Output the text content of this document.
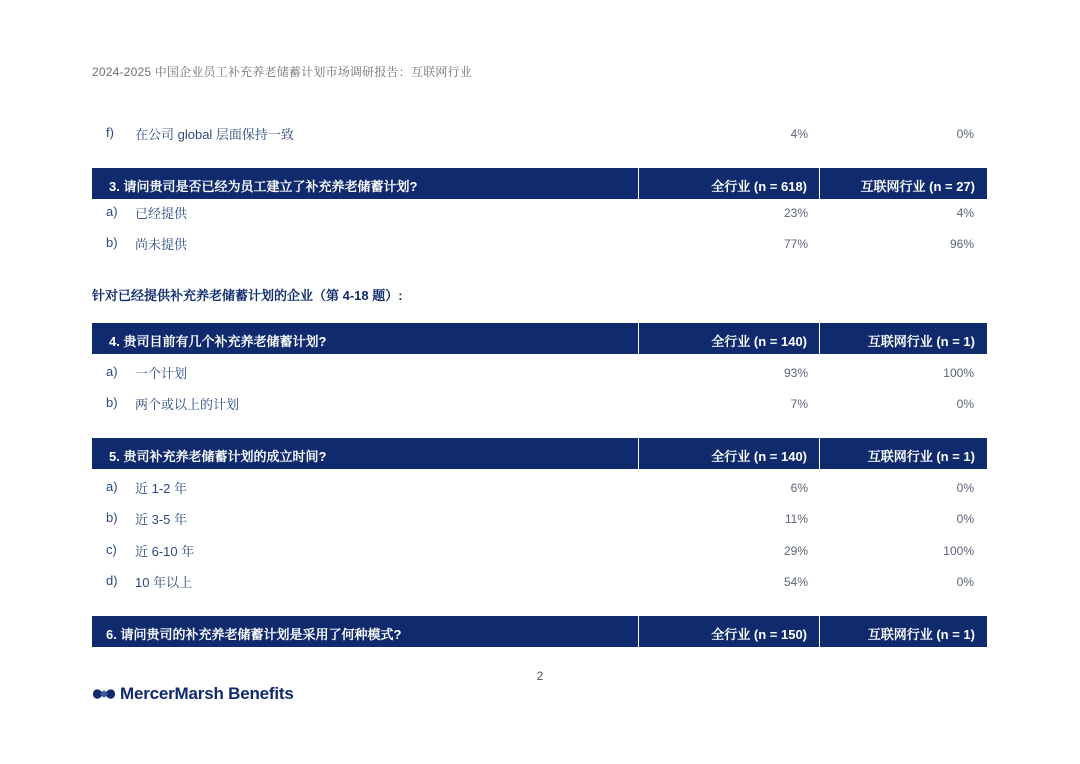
2024-2025 中国企业员工补充养老储蓄计划市场调研报告：互联网行业
f) 在公司 global 层面保持一致	4%	0%
3. 请问贵司是否已经为员工建立了补充养老储蓄计划?	全行业 (n = 618)	互联网行业 (n = 27)
a) 已经提供	23%	4%
b) 尚未提供	77%	96%
针对已经提供补充养老储蓄计划的企业（第 4-18 题）:
4. 贵司目前有几个补充养老储蓄计划?	全行业 (n = 140)	互联网行业 (n = 1)
a) 一个计划	93%	100%
b) 两个或以上的计划	7%	0%
5. 贵司补充养老储蓄计划的成立时间?	全行业 (n = 140)	互联网行业 (n = 1)
a) 近 1-2 年	6%	0%
b) 近 3-5 年	11%	0%
c) 近 6-10 年	29%	100%
d) 10 年以上	54%	0%
6. 请问贵司的补充养老储蓄计划是采用了何种模式?	全行业 (n = 150)	互联网行业 (n = 1)
2
MercerMarsh Benefits
